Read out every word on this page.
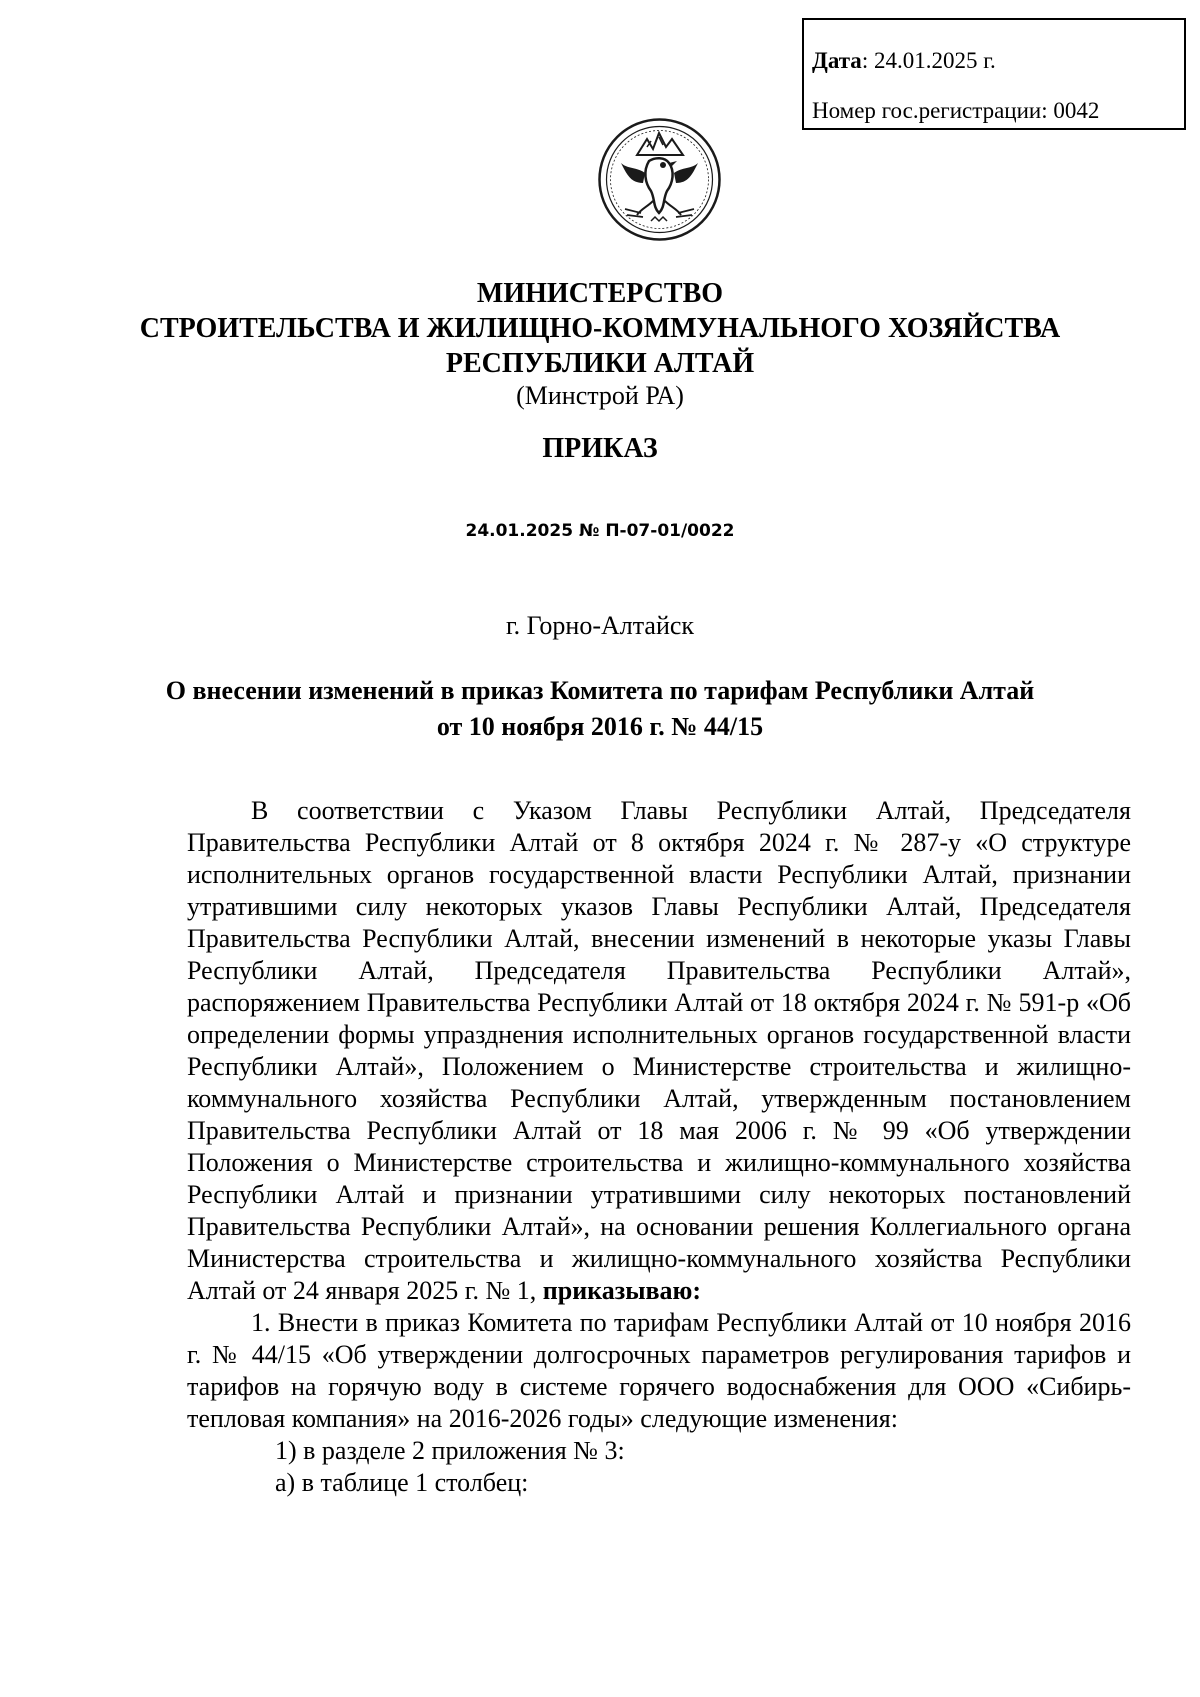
Дата: 24.01.2025 г.
Номер гос.регистрации: 0042
МИНИСТЕРСТВО
СТРОИТЕЛЬСТВА И ЖИЛИЩНО-КОММУНАЛЬНОГО ХОЗЯЙСТВА
РЕСПУБЛИКИ АЛТАЙ
(Минстрой РА)
ПРИКАЗ
24.01.2025 № П-07-01/0022
г. Горно-Алтайск
О внесении изменений в приказ Комитета по тарифам Республики Алтай
от 10 ноября 2016 г. № 44/15

В соответствии с Указом Главы Республики Алтай, Председателя Правительства Республики Алтай от 8 октября 2024 г. № 287-у «О структуре исполнительных органов государственной власти Республики Алтай, признании утратившими силу некоторых указов Главы Республики Алтай, Председателя Правительства Республики Алтай, внесении изменений в некоторые указы Главы Республики Алтай, Председателя Правительства Республики Алтай», распоряжением Правительства Республики Алтай от 18 октября 2024 г. № 591-р «Об определении формы упразднения исполнительных органов государственной власти Республики Алтай», Положением о Министерстве строительства и жилищно-коммунального хозяйства Республики Алтай, утвержденным постановлением Правительства Республики Алтай от 18 мая 2006 г. № 99 «Об утверждении Положения о Министерстве строительства и жилищно-коммунального хозяйства Республики Алтай и признании утратившими силу некоторых постановлений Правительства Республики Алтай», на основании решения Коллегиального органа Министерства строительства и жилищно-коммунального хозяйства Республики Алтай от 24 января 2025 г. № 1, приказываю:

1. Внести в приказ Комитета по тарифам Республики Алтай от 10 ноября 2016 г. № 44/15 «Об утверждении долгосрочных параметров регулирования тарифов и тарифов на горячую воду в системе горячего водоснабжения для ООО «Сибирь-тепловая компания» на 2016-2026 годы» следующие изменения:

1) в разделе 2 приложения № 3:

а) в таблице 1 столбец:
